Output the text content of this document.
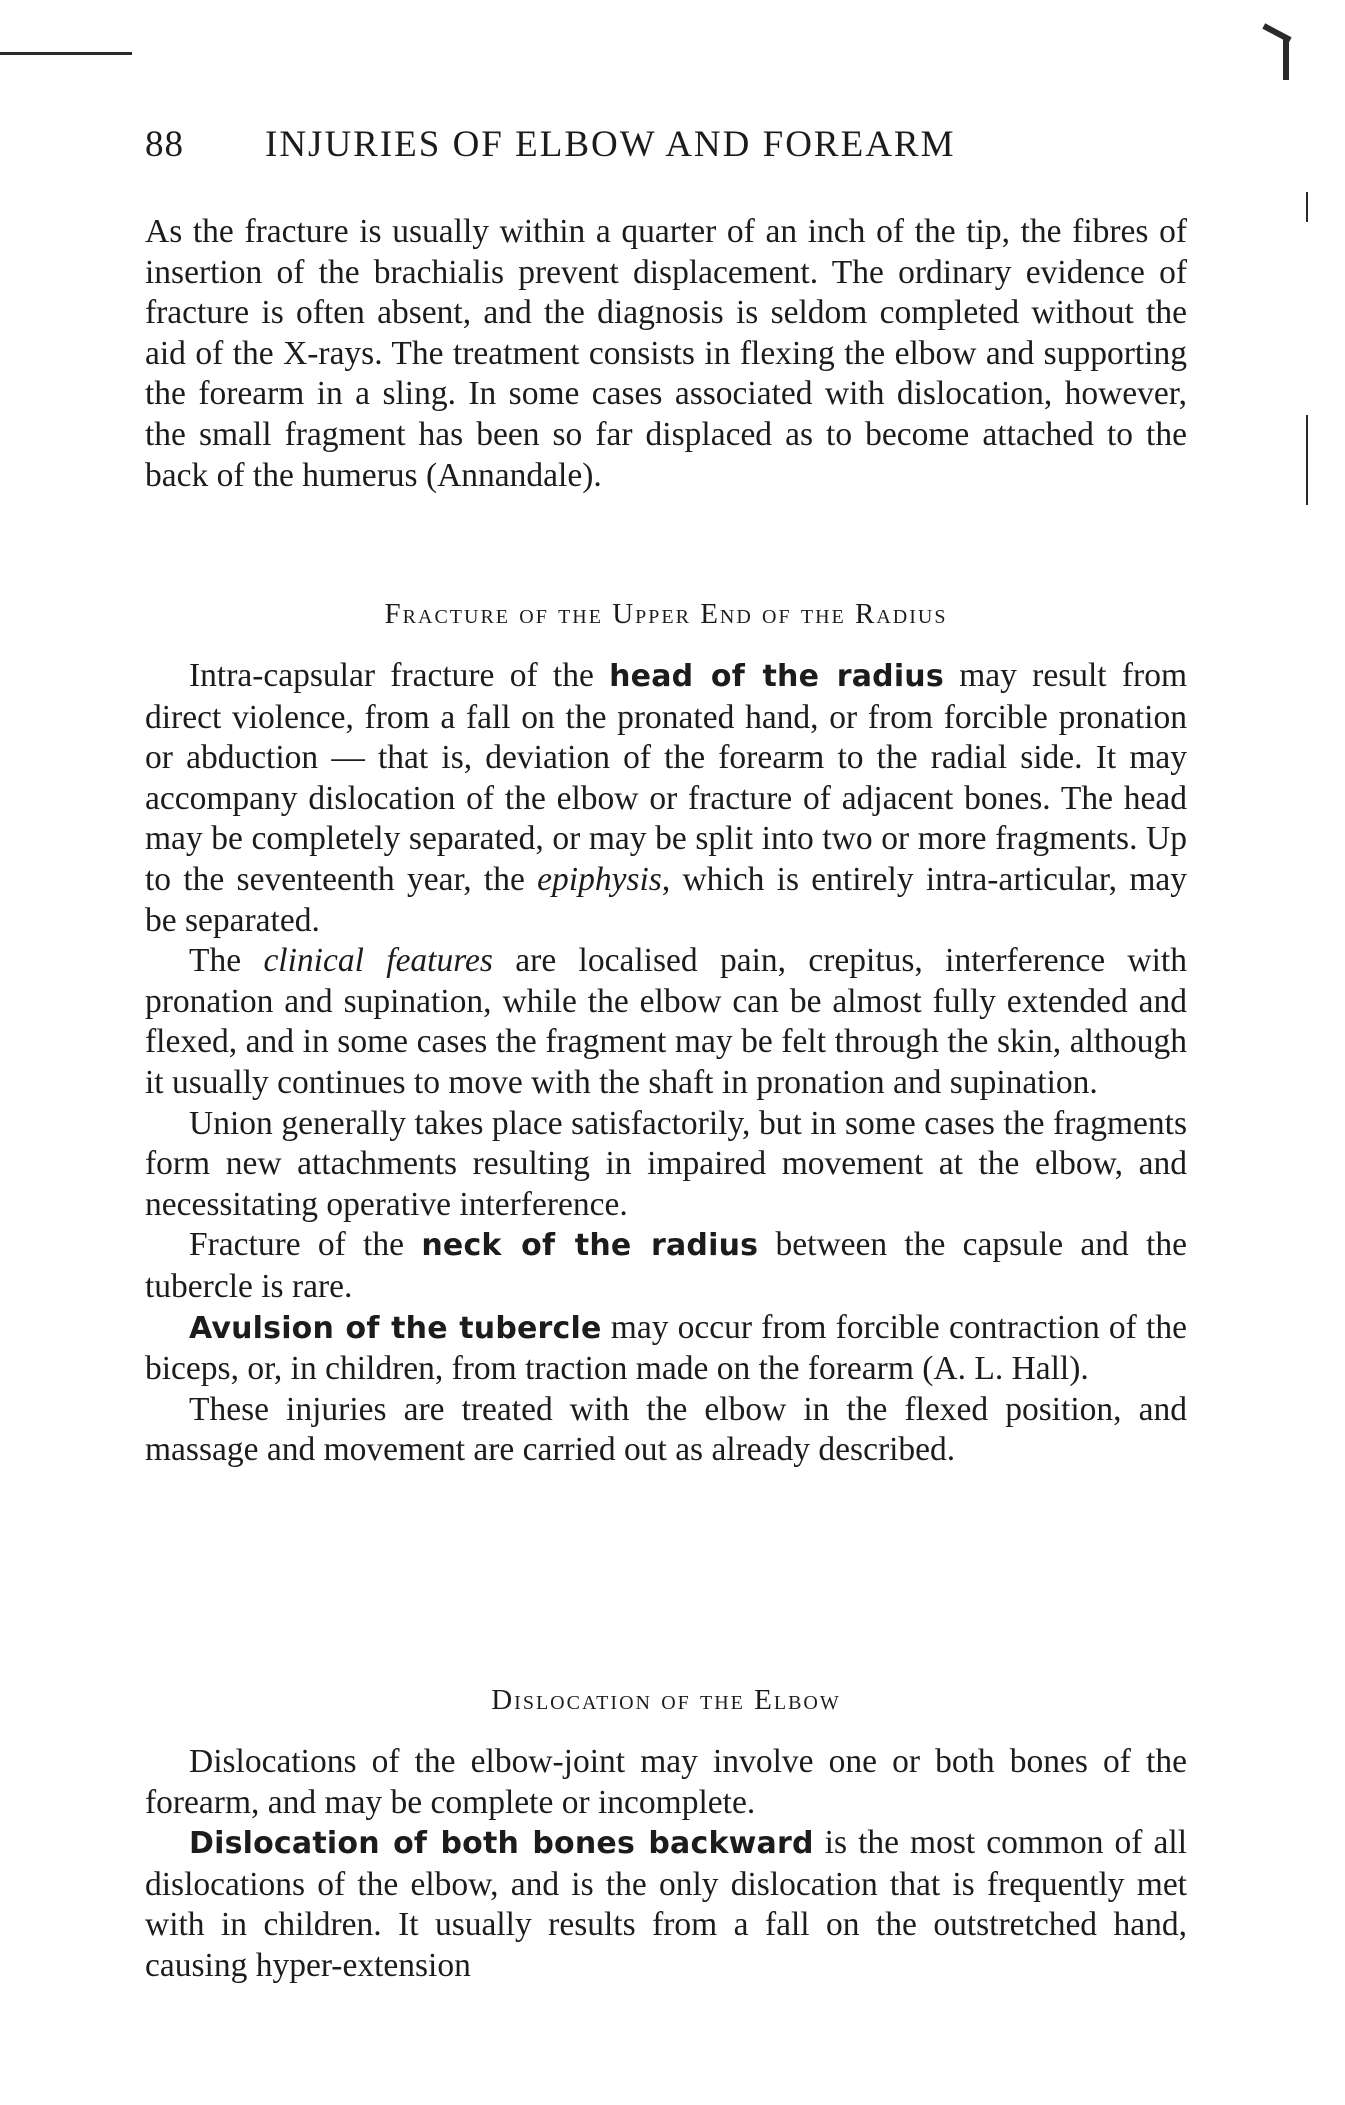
88 INJURIES OF ELBOW AND FOREARM

As the fracture is usually within a quarter of an inch of the tip, the fibres of insertion of the brachialis prevent displacement. The ordinary evidence of fracture is often absent, and the diagnosis is seldom completed without the aid of the X-rays. The treatment consists in flexing the elbow and supporting the forearm in a sling. In some cases associated with dislocation, however, the small fragment has been so far displaced as to become attached to the back of the humerus (Annandale).

Fracture of the Upper End of the Radius

Intra-capsular fracture of the head of the radius may result from direct violence, from a fall on the pronated hand, or from forcible pronation or abduction — that is, deviation of the forearm to the radial side. It may accompany dislocation of the elbow or fracture of adjacent bones. The head may be completely separated, or may be split into two or more fragments. Up to the seventeenth year, the epiphysis, which is entirely intra-articular, may be separated.

The clinical features are localised pain, crepitus, interference with pronation and supination, while the elbow can be almost fully extended and flexed, and in some cases the fragment may be felt through the skin, although it usually continues to move with the shaft in pronation and supination.

Union generally takes place satisfactorily, but in some cases the fragments form new attachments resulting in impaired movement at the elbow, and necessitating operative interference.

Fracture of the neck of the radius between the capsule and the tubercle is rare.

Avulsion of the tubercle may occur from forcible contraction of the biceps, or, in children, from traction made on the forearm (A. L. Hall).

These injuries are treated with the elbow in the flexed position, and massage and movement are carried out as already described.

Dislocation of the Elbow

Dislocations of the elbow-joint may involve one or both bones of the forearm, and may be complete or incomplete.

Dislocation of both bones backward is the most common of all dislocations of the elbow, and is the only dislocation that is frequently met with in children. It usually results from a fall on the outstretched hand, causing hyper-extension
